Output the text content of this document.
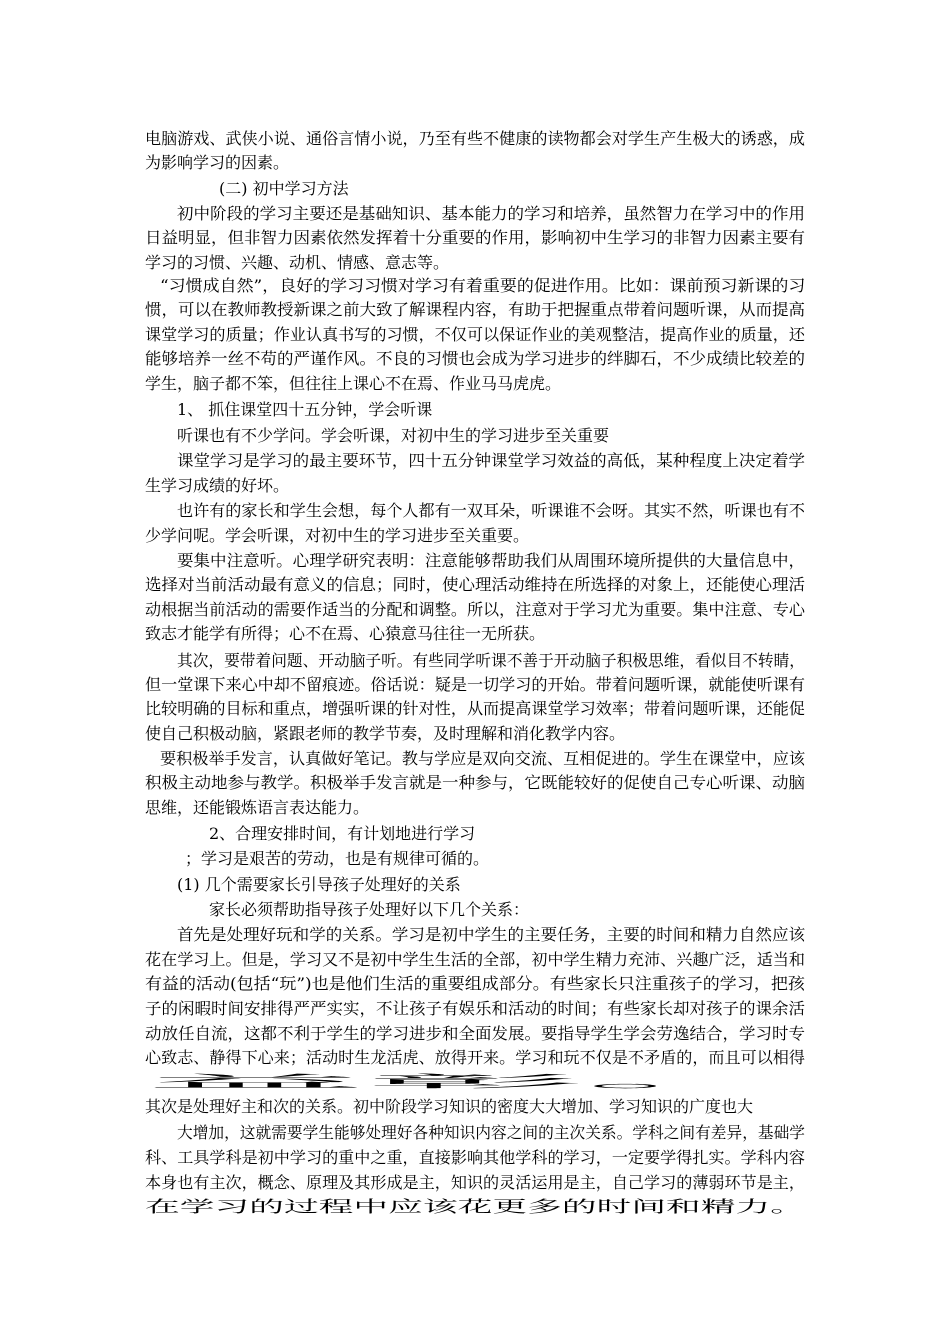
电脑游戏、武侠小说、通俗言情小说，乃至有些不健康的读物都会对学生产生极大的诱惑，成
为影响学习的因素。
(二) 初中学习方法
初中阶段的学习主要还是基础知识、基本能力的学习和培养，虽然智力在学习中的作用
日益明显，但非智力因素依然发挥着十分重要的作用，影响初中生学习的非智力因素主要有
学习的习惯、兴趣、动机、情感、意志等。
“习惯成自然”，良好的学习习惯对学习有着重要的促进作用。比如：课前预习新课的习
惯，可以在教师教授新课之前大致了解课程内容，有助于把握重点带着问题听课，从而提高
课堂学习的质量；作业认真书写的习惯，不仅可以保证作业的美观整洁，提高作业的质量，还
能够培养一丝不苟的严谨作风。不良的习惯也会成为学习进步的绊脚石，不少成绩比较差的
学生，脑子都不笨，但往往上课心不在焉、作业马马虎虎。
1、 抓住课堂四十五分钟，学会听课
听课也有不少学问。学会听课，对初中生的学习进步至关重要
课堂学习是学习的最主要环节，四十五分钟课堂学习效益的高低，某种程度上决定着学
生学习成绩的好坏。
也许有的家长和学生会想，每个人都有一双耳朵，听课谁不会呀。其实不然，听课也有不
少学问呢。学会听课，对初中生的学习进步至关重要。
要集中注意听。心理学研究表明：注意能够帮助我们从周围环境所提供的大量信息中，
选择对当前活动最有意义的信息；同时，使心理活动维持在所选择的对象上，还能使心理活
动根据当前活动的需要作适当的分配和调整。所以，注意对于学习尤为重要。集中注意、专心
致志才能学有所得；心不在焉、心猿意马往往一无所获。
其次，要带着问题、开动脑子听。有些同学听课不善于开动脑子积极思维，看似目不转睛，
但一堂课下来心中却不留痕迹。俗话说：疑是一切学习的开始。带着问题听课，就能使听课有
比较明确的目标和重点，增强听课的针对性，从而提高课堂学习效率；带着问题听课，还能促
使自己积极动脑，紧跟老师的教学节奏，及时理解和消化教学内容。
要积极举手发言，认真做好笔记。教与学应是双向交流、互相促进的。学生在课堂中，应该
积极主动地参与教学。积极举手发言就是一种参与，它既能较好的促使自己专心听课、动脑
思维，还能锻炼语言表达能力。
2、合理安排时间，有计划地进行学习
；学习是艰苦的劳动，也是有规律可循的。
(1) 几个需要家长引导孩子处理好的关系
家长必须帮助指导孩子处理好以下几个关系：
首先是处理好玩和学的关系。学习是初中学生的主要任务，主要的时间和精力自然应该
花在学习上。但是，学习又不是初中学生生活的全部，初中学生精力充沛、兴趣广泛，适当和
有益的活动(包括“玩”)也是他们生活的重要组成部分。有些家长只注重孩子的学习，把孩
子的闲暇时间安排得严严实实，不让孩子有娱乐和活动的时间；有些家长却对孩子的课余活
动放任自流，这都不利于学生的学习进步和全面发展。要指导学生学会劳逸结合，学习时专
心致志、静得下心来；活动时生龙活虎、放得开来。学习和玩不仅是不矛盾的，而且可以相得
益彰。
其次是处理好主和次的关系。初中阶段学习知识的密度大大增加、学习知识的广度也大
大增加，这就需要学生能够处理好各种知识内容之间的主次关系。学科之间有差异，基础学
科、工具学科是初中学习的重中之重，直接影响其他学科的学习，一定要学得扎实。学科内容
本身也有主次，概念、原理及其形成是主，知识的灵活运用是主，自己学习的薄弱环节是主，
在学习的过程中应该花更多的时间和精力。
